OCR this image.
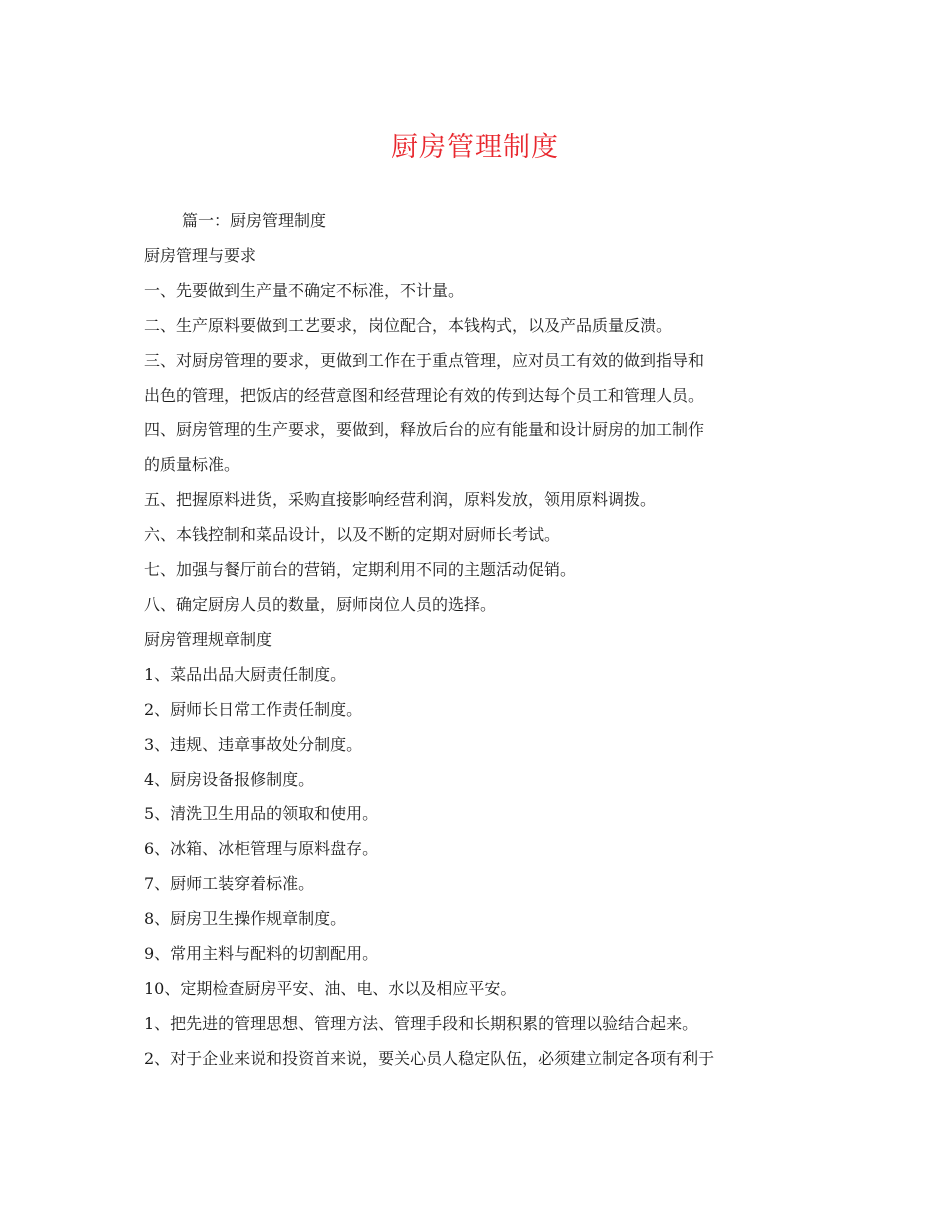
厨房管理制度

篇一：厨房管理制度

厨房管理与要求

一、先要做到生产量不确定不标准，不计量。

二、生产原料要做到工艺要求，岗位配合，本钱构式，以及产品质量反溃。

三、对厨房管理的要求，更做到工作在于重点管理，应对员工有效的做到指导和

出色的管理，把饭店的经营意图和经营理论有效的传到达每个员工和管理人员。

四、厨房管理的生产要求，要做到，释放后台的应有能量和设计厨房的加工制作

的质量标准。

五、把握原料进货，采购直接影响经营利润，原料发放，领用原料调拨。

六、本钱控制和菜品设计，以及不断的定期对厨师长考试。

七、加强与餐厅前台的营销，定期利用不同的主题活动促销。

八、确定厨房人员的数量，厨师岗位人员的选择。

厨房管理规章制度

1、菜品出品大厨责任制度。

2、厨师长日常工作责任制度。

3、违规、违章事故处分制度。

4、厨房设备报修制度。

5、清洗卫生用品的领取和使用。

6、冰箱、冰柜管理与原料盘存。

7、厨师工装穿着标准。

8、厨房卫生操作规章制度。

9、常用主料与配料的切割配用。

10、定期检查厨房平安、油、电、水以及相应平安。

1、把先进的管理思想、管理方法、管理手段和长期积累的管理以验结合起来。

2、对于企业来说和投资首来说，要关心员人稳定队伍，必须建立制定各项有利于
